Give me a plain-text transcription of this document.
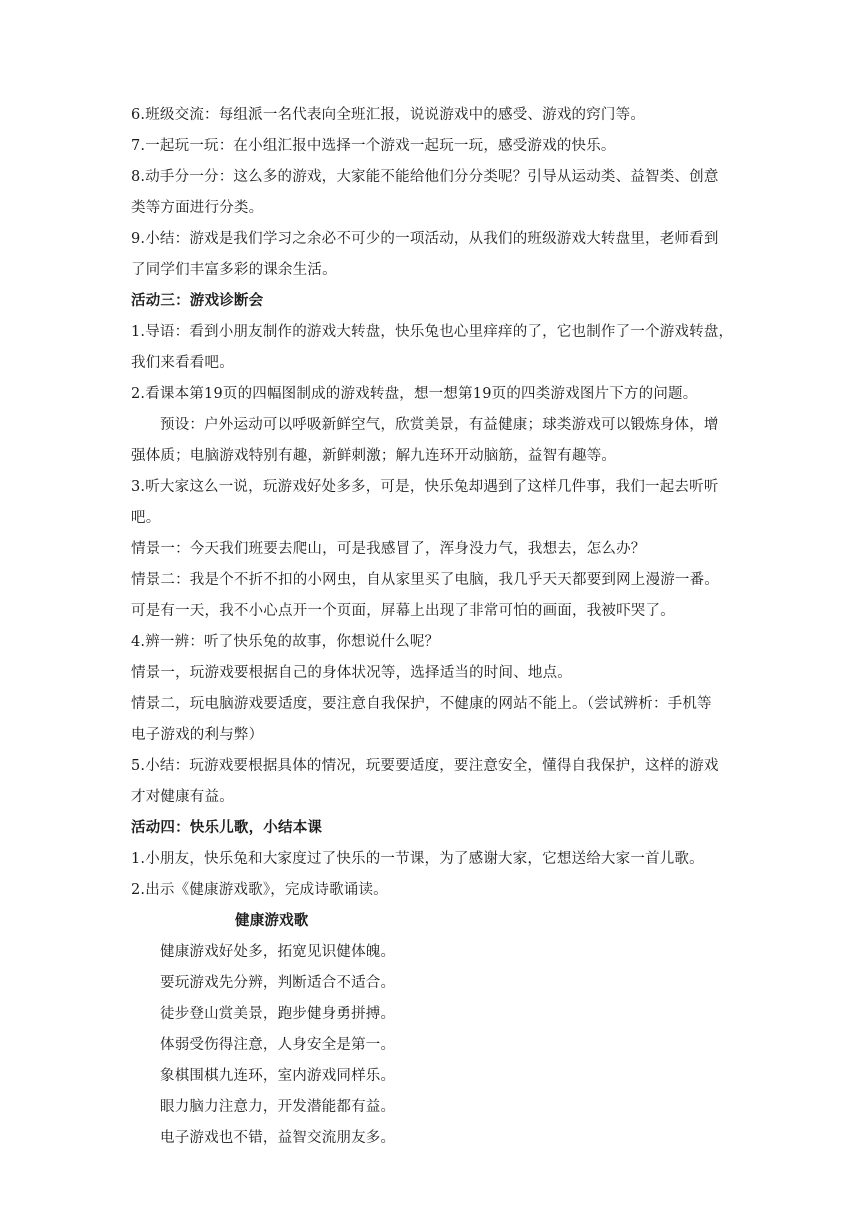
6.班级交流：每组派一名代表向全班汇报，说说游戏中的感受、游戏的窍门等。
7.一起玩一玩：在小组汇报中选择一个游戏一起玩一玩，感受游戏的快乐。
8.动手分一分：这么多的游戏，大家能不能给他们分分类呢？引导从运动类、益智类、创意
类等方面进行分类。
9.小结：游戏是我们学习之余必不可少的一项活动，从我们的班级游戏大转盘里，老师看到
了同学们丰富多彩的课余生活。
活动三：游戏诊断会
1.导语：看到小朋友制作的游戏大转盘，快乐兔也心里痒痒的了，它也制作了一个游戏转盘，
我们来看看吧。
2.看课本第19页的四幅图制成的游戏转盘，想一想第19页的四类游戏图片下方的问题。
预设：户外运动可以呼吸新鲜空气，欣赏美景，有益健康；球类游戏可以锻炼身体，增
强体质；电脑游戏特别有趣，新鲜刺激；解九连环开动脑筋，益智有趣等。
3.听大家这么一说，玩游戏好处多多，可是，快乐兔却遇到了这样几件事，我们一起去听听
吧。
情景一：今天我们班要去爬山，可是我感冒了，浑身没力气，我想去，怎么办？
情景二：我是个不折不扣的小网虫，自从家里买了电脑，我几乎天天都要到网上漫游一番。
可是有一天，我不小心点开一个页面，屏幕上出现了非常可怕的画面，我被吓哭了。
4.辨一辨：听了快乐兔的故事，你想说什么呢？
情景一，玩游戏要根据自己的身体状况等，选择适当的时间、地点。
情景二，玩电脑游戏要适度，要注意自我保护，不健康的网站不能上。（尝试辨析：手机等
电子游戏的利与弊）
5.小结：玩游戏要根据具体的情况，玩要要适度，要注意安全，懂得自我保护，这样的游戏
才对健康有益。
活动四：快乐儿歌，小结本课
1.小朋友，快乐兔和大家度过了快乐的一节课，为了感谢大家，它想送给大家一首儿歌。
2.出示《健康游戏歌》，完成诗歌诵读。
健康游戏歌
健康游戏好处多，拓宽见识健体魄。
要玩游戏先分辨，判断适合不适合。
徒步登山赏美景，跑步健身勇拼搏。
体弱受伤得注意，人身安全是第一。
象棋围棋九连环，室内游戏同样乐。
眼力脑力注意力，开发潜能都有益。
电子游戏也不错，益智交流朋友多。
